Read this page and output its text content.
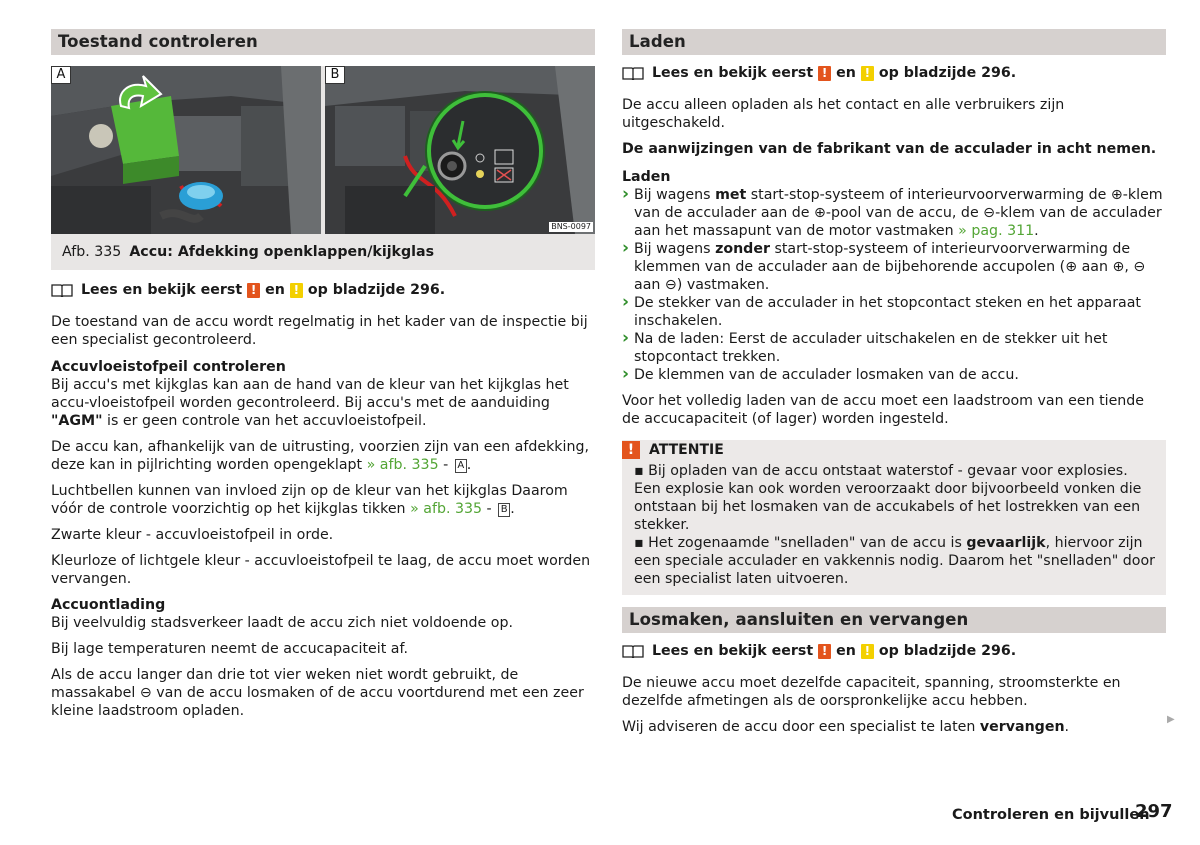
Toestand controleren
A	B
BNS-0097
Afb. 335 Accu: Afdekking openklappen/kijkglas
Lees en bekijk eerst ! en ! op bladzijde 296.

De toestand van de accu wordt regelmatig in het kader van de inspectie bij een specialist gecontroleerd.

Accuvloeistofpeil controleren
Bij accu's met kijkglas kan aan de hand van de kleur van het kijkglas het accu-vloeistofpeil worden gecontroleerd. Bij accu's met de aanduiding "AGM" is er geen controle van het accuvloeistofpeil.

De accu kan, afhankelijk van de uitrusting, voorzien zijn van een afdekking, deze kan in pijlrichting worden opengeklapt » afb. 335 - A .

Luchtbellen kunnen van invloed zijn op de kleur van het kijkglas Daarom vóór de controle voorzichtig op het kijkglas tikken » afb. 335 - B .

Zwarte kleur - accuvloeistofpeil in orde.

Kleurloze of lichtgele kleur - accuvloeistofpeil te laag, de accu moet worden vervangen.

Accuontlading
Bij veelvuldig stadsverkeer laadt de accu zich niet voldoende op.

Bij lage temperaturen neemt de accucapaciteit af.

Als de accu langer dan drie tot vier weken niet wordt gebruikt, de massakabel ⊖ van de accu losmaken of de accu voortdurend met een zeer kleine laadstroom opladen.

Laden
Lees en bekijk eerst ! en ! op bladzijde 296.

De accu alleen opladen als het contact en alle verbruikers zijn uitgeschakeld.

De aanwijzingen van de fabrikant van de acculader in acht nemen.

Laden

› Bij wagens met start-stop-systeem of interieurvoorverwarming de ⊕-klem van de acculader aan de ⊕-pool van de accu, de ⊖-klem van de acculader aan het massapunt van de motor vastmaken » pag. 311.
› Bij wagens zonder start-stop-systeem of interieurvoorverwarming de klemmen van de acculader aan de bijbehorende accupolen (⊕ aan ⊕, ⊖ aan ⊖) vastmaken.
› De stekker van de acculader in het stopcontact steken en het apparaat inschakelen.
› Na de laden: Eerst de acculader uitschakelen en de stekker uit het stopcontact trekken.
› De klemmen van de acculader losmaken van de accu.

Voor het volledig laden van de accu moet een laadstroom van een tiende de accucapaciteit (of lager) worden ingesteld.

!	ATTENTIE
▪ Bij opladen van de accu ontstaat waterstof - gevaar voor explosies. Een explosie kan ook worden veroorzaakt door bijvoorbeeld vonken die ontstaan bij het losmaken van de accukabels of het lostrekken van een stekker.
▪ Het zogenaamde "snelladen" van de accu is gevaarlijk, hiervoor zijn een speciale acculader en vakkennis nodig. Daarom het "snelladen" door een specialist laten uitvoeren.
Losmaken, aansluiten en vervangen
Lees en bekijk eerst ! en ! op bladzijde 296.

De nieuwe accu moet dezelfde capaciteit, spanning, stroomsterkte en dezelfde afmetingen als de oorspronkelijke accu hebben.

Wij adviseren de accu door een specialist te laten vervangen.	▶
Controleren en bijvullen
297
